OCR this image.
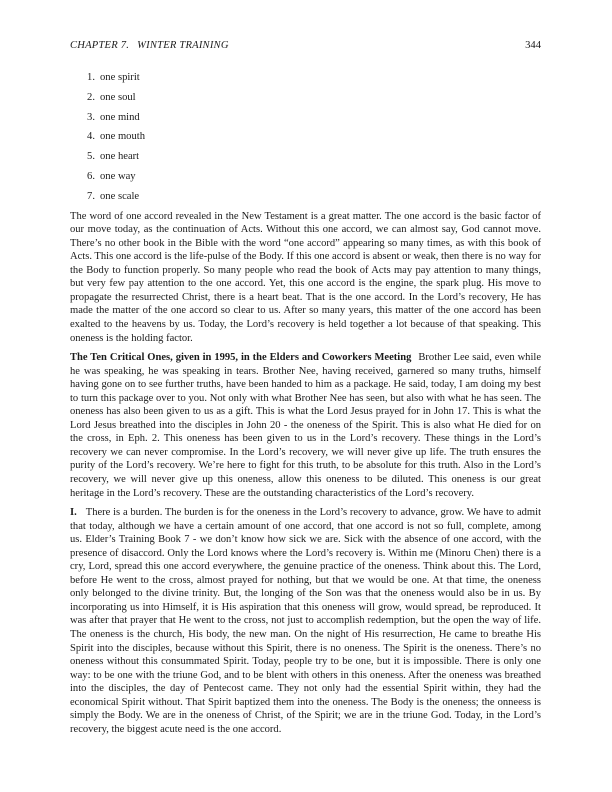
CHAPTER 7. WINTER TRAINING	344
1. one spirit
2. one soul
3. one mind
4. one mouth
5. one heart
6. one way
7. one scale

The word of one accord revealed in the New Testament is a great matter. The one accord is the basic factor of our move today, as the continuation of Acts. Without this one accord, we can almost say, God cannot move. There’s no other book in the Bible with the word “one accord” appearing so many times, as with this book of Acts. This one accord is the life-pulse of the Body. If this one accord is absent or weak, then there is no way for the Body to function properly. So many people who read the book of Acts may pay attention to many things, but very few pay attention to the one accord. Yet, this one accord is the engine, the spark plug. His move to propagate the resurrected Christ, there is a heart beat. That is the one accord. In the Lord’s recovery, He has made the matter of the one accord so clear to us. After so many years, this matter of the one accord has been exalted to the heavens by us. Today, the Lord’s recovery is held together a lot because of that speaking. This oneness is the holding factor.

The Ten Critical Ones, given in 1995, in the Elders and Coworkers Meeting Brother Lee said, even while he was speaking, he was speaking in tears. Brother Nee, having received, garnered so many truths, himself having gone on to see further truths, have been handed to him as a package. He said, today, I am doing my best to turn this package over to you. Not only with what Brother Nee has seen, but also with what he has seen. The oneness has also been given to us as a gift. This is what the Lord Jesus prayed for in John 17. This is what the Lord Jesus breathed into the disciples in John 20 - the oneness of the Spirit. This is also what He died for on the cross, in Eph. 2. This oneness has been given to us in the Lord’s recovery. These things in the Lord’s recovery we can never compromise. In the Lord’s recovery, we will never give up life. The truth ensures the purity of the Lord’s recovery. We’re here to fight for this truth, to be absolute for this truth. Also in the Lord’s recovery, we will never give up this oneness, allow this oneness to be diluted. This oneness is our great heritage in the Lord’s recovery. These are the outstanding characteristics of the Lord’s recovery.

I. There is a burden. The burden is for the oneness in the Lord’s recovery to advance, grow. We have to admit that today, although we have a certain amount of one accord, that one accord is not so full, complete, among us. Elder’s Training Book 7 - we don’t know how sick we are. Sick with the absence of one accord, with the presence of disaccord. Only the Lord knows where the Lord’s recovery is. Within me (Minoru Chen) there is a cry, Lord, spread this one accord everywhere, the genuine practice of the oneness. Think about this. The Lord, before He went to the cross, almost prayed for nothing, but that we would be one. At that time, the oneness only belonged to the divine trinity. But, the longing of the Son was that the oneness would also be in us. By incorporating us into Himself, it is His aspiration that this oneness will grow, would spread, be reproduced. It was after that prayer that He went to the cross, not just to accomplish redemption, but the open the way of life. The oneness is the church, His body, the new man. On the night of His resurrection, He came to breathe His Spirit into the disciples, because without this Spirit, there is no oneness. The Spirit is the oneness. There’s no oneness without this consummated Spirit. Today, people try to be one, but it is impossible. There is only one way: to be one with the triune God, and to be blent with others in this oneness. After the oneness was breathed into the disciples, the day of Pentecost came. They not only had the essential Spirit within, they had the economical Spirit without. That Spirit baptized them into the oneness. The Body is the oneness; the onneess is simply the Body. We are in the oneness of Christ, of the Spirit; we are in the triune God. Today, in the Lord’s recovery, the biggest acute need is the one accord.
